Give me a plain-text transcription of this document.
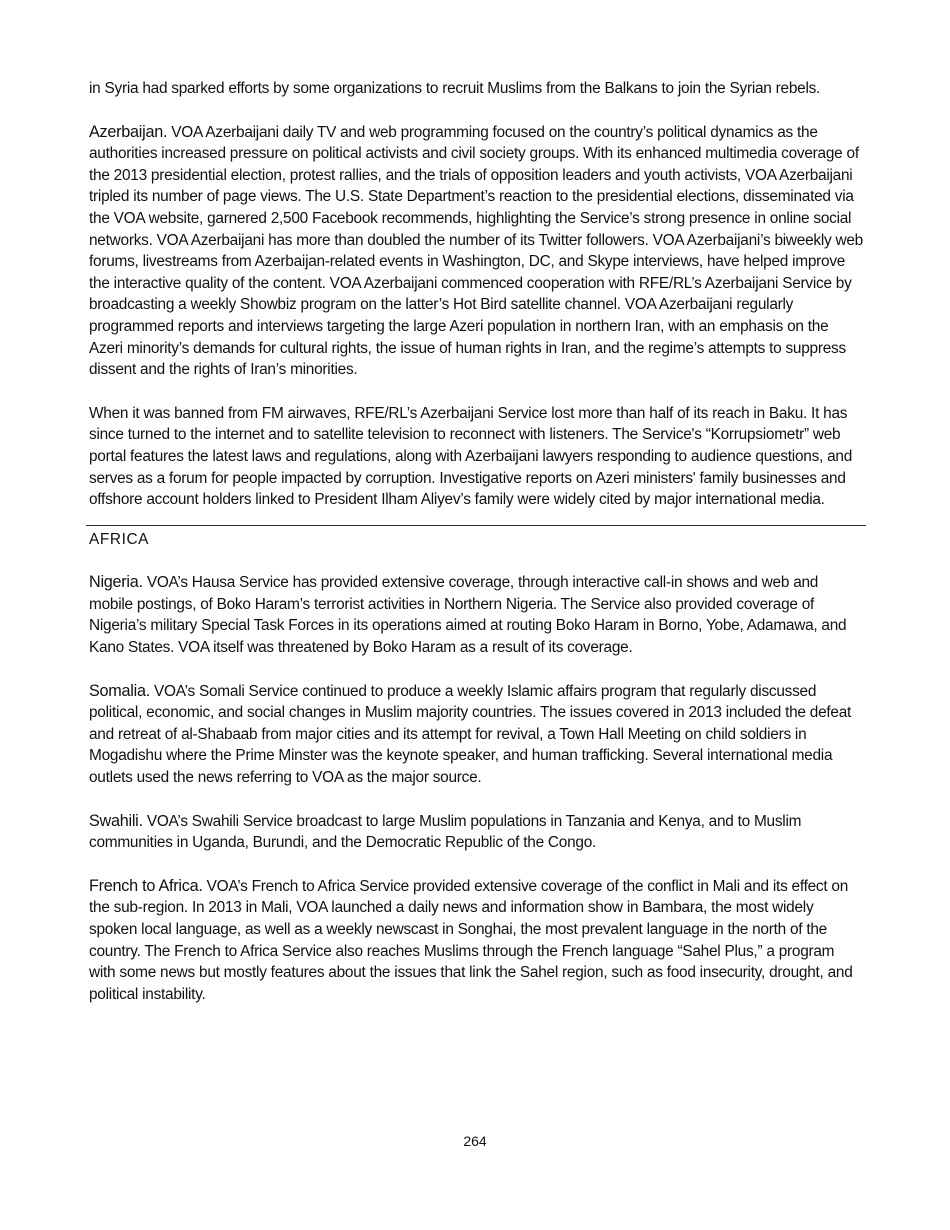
in Syria had sparked efforts by some organizations to recruit Muslims from the Balkans to join the Syrian rebels.

Azerbaijan. VOA Azerbaijani daily TV and web programming focused on the country’s political dynamics as the authorities increased pressure on political activists and civil society groups. With its enhanced multimedia coverage of the 2013 presidential election, protest rallies, and the trials of opposition leaders and youth activists, VOA Azerbaijani tripled its number of page views. The U.S. State Department’s reaction to the presidential elections, disseminated via the VOA website, garnered 2,500 Facebook recommends, highlighting the Service’s strong presence in online social networks. VOA Azerbaijani has more than doubled the number of its Twitter followers. VOA Azerbaijani’s biweekly web forums, livestreams from Azerbaijan-related events in Washington, DC, and Skype interviews, have helped improve the interactive quality of the content. VOA Azerbaijani commenced cooperation with RFE/RL’s Azerbaijani Service by broadcasting a weekly Showbiz program on the latter’s Hot Bird satellite channel. VOA Azerbaijani regularly programmed reports and interviews targeting the large Azeri population in northern Iran, with an emphasis on the Azeri minority’s demands for cultural rights, the issue of human rights in Iran, and the regime’s attempts to suppress dissent and the rights of Iran’s minorities.

When it was banned from FM airwaves, RFE/RL’s Azerbaijani Service lost more than half of its reach in Baku. It has since turned to the internet and to satellite television to reconnect with listeners. The Service's “Korrupsiometr” web portal features the latest laws and regulations, along with Azerbaijani lawyers responding to audience questions, and serves as a forum for people impacted by corruption. Investigative reports on Azeri ministers' family businesses and offshore account holders linked to President Ilham Aliyev’s family were widely cited by major international media.

AFRICA

Nigeria. VOA’s Hausa Service has provided extensive coverage, through interactive call-in shows and web and mobile postings, of Boko Haram’s terrorist activities in Northern Nigeria. The Service also provided coverage of Nigeria’s military Special Task Forces in its operations aimed at routing Boko Haram in Borno, Yobe, Adamawa, and Kano States. VOA itself was threatened by Boko Haram as a result of its coverage.

Somalia. VOA’s Somali Service continued to produce a weekly Islamic affairs program that regularly discussed political, economic, and social changes in Muslim majority countries. The issues covered in 2013 included the defeat and retreat of al-Shabaab from major cities and its attempt for revival, a Town Hall Meeting on child soldiers in Mogadishu where the Prime Minster was the keynote speaker, and human trafficking. Several international media outlets used the news referring to VOA as the major source.

Swahili. VOA’s Swahili Service broadcast to large Muslim populations in Tanzania and Kenya, and to Muslim communities in Uganda, Burundi, and the Democratic Republic of the Congo.

French to Africa. VOA’s French to Africa Service provided extensive coverage of the conflict in Mali and its effect on the sub-region. In 2013 in Mali, VOA launched a daily news and information show in Bambara, the most widely spoken local language, as well as a weekly newscast in Songhai, the most prevalent language in the north of the country. The French to Africa Service also reaches Muslims through the French language “Sahel Plus,” a program with some news but mostly features about the issues that link the Sahel region, such as food insecurity, drought, and political instability.

264
